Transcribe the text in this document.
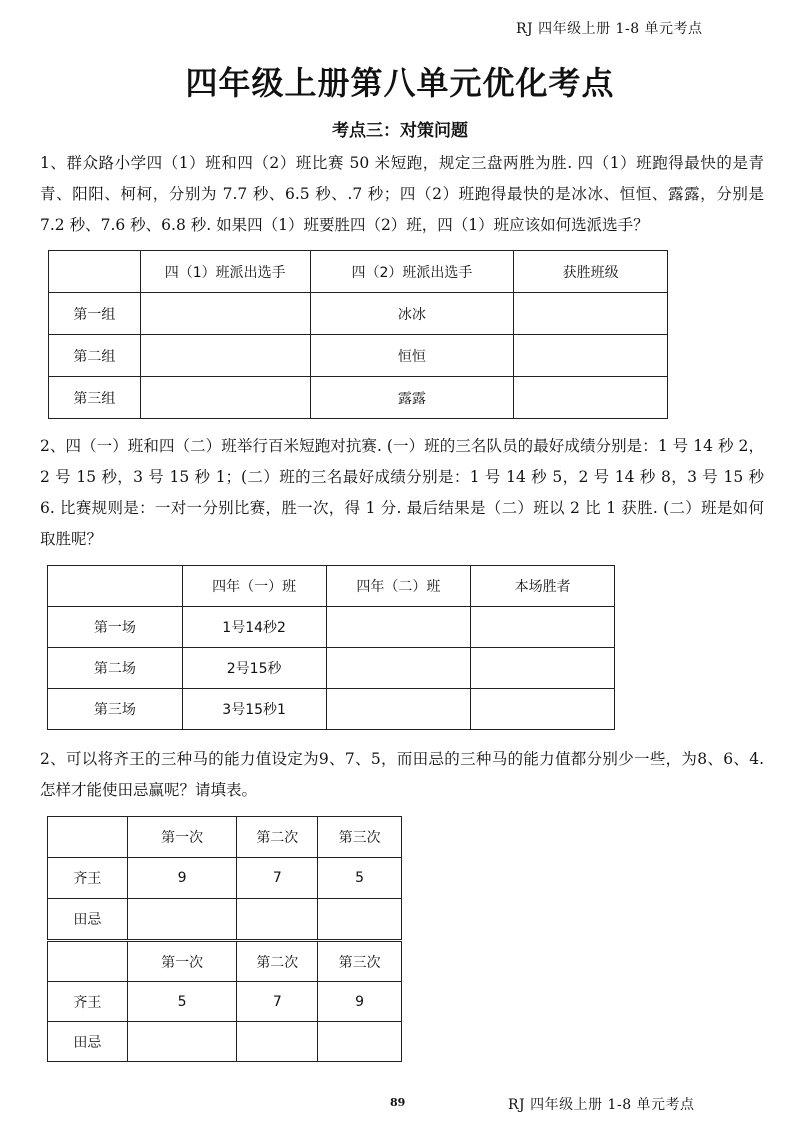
RJ 四年级上册 1-8 单元考点
四年级上册第八单元优化考点
考点三：对策问题
1、群众路小学四（1）班和四（2）班比赛 50 米短跑，规定三盘两胜为胜. 四（1）班跑得最快的是青青、阳阳、柯柯，分别为 7.7 秒、6.5 秒、.7 秒；四（2）班跑得最快的是冰冰、恒恒、露露，分别是 7.2 秒、7.6 秒、6.8 秒. 如果四（1）班要胜四（2）班，四（1）班应该如何选派选手？
	四（1）班派出选手	四（2）班派出选手	获胜班级
第一组		冰冰	
第二组		恒恒	
第三组		露露	
2、四（一）班和四（二）班举行百米短跑对抗赛. (一）班的三名队员的最好成绩分别是：1 号 14 秒 2，2 号 15 秒，3 号 15 秒 1；(二）班的三名最好成绩分别是：1 号 14 秒 5，2 号 14 秒 8，3 号 15 秒 6. 比赛规则是：一对一分别比赛，胜一次，得 1 分. 最后结果是（二）班以 2 比 1 获胜. (二）班是如何取胜呢？
	四年（一）班	四年（二）班	本场胜者
第一场	1号14秒2		
第二场	2号15秒		
第三场	3号15秒1		
2、可以将齐王的三种马的能力值设定为9、7、5，而田忌的三种马的能力值都分别少一些，为8、6、4. 怎样才能使田忌赢呢？请填表。
	第一次	第二次	第三次
齐王	9	7	5
田忌			
	第一次	第二次	第三次
齐王	5	7	9
田忌			
89	RJ 四年级上册 1-8 单元考点
